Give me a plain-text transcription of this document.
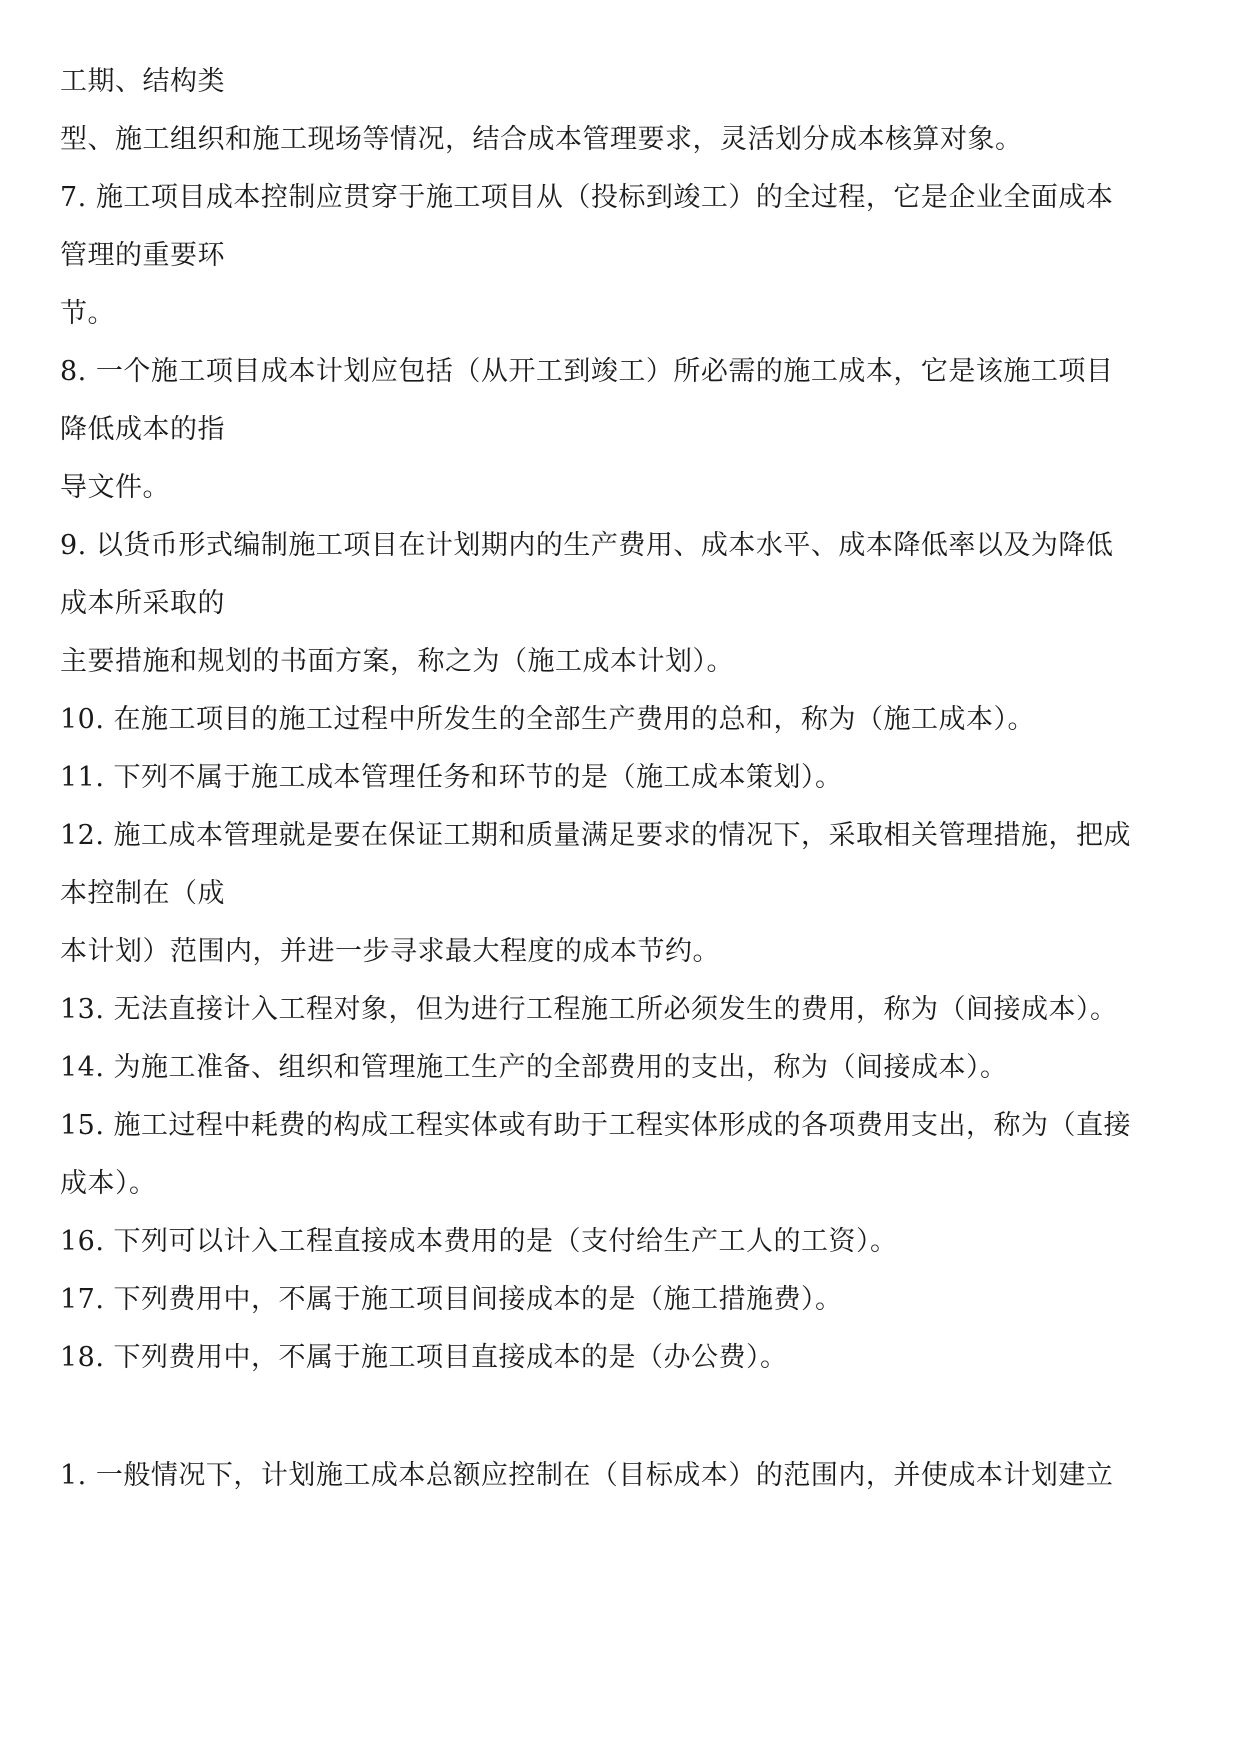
工期、结构类
型、施工组织和施工现场等情况，结合成本管理要求，灵活划分成本核算对象。
7. 施工项目成本控制应贯穿于施工项目从（投标到竣工）的全过程，它是企业全面成本
管理的重要环
节。
8. 一个施工项目成本计划应包括（从开工到竣工）所必需的施工成本，它是该施工项目
降低成本的指
导文件。
9. 以货币形式编制施工项目在计划期内的生产费用、成本水平、成本降低率以及为降低
成本所采取的
主要措施和规划的书面方案，称之为（施工成本计划）。
10. 在施工项目的施工过程中所发生的全部生产费用的总和，称为（施工成本）。
11. 下列不属于施工成本管理任务和环节的是（施工成本策划）。
12. 施工成本管理就是要在保证工期和质量满足要求的情况下，采取相关管理措施，把成
本控制在（成
本计划）范围内，并进一步寻求最大程度的成本节约。
13. 无法直接计入工程对象，但为进行工程施工所必须发生的费用，称为（间接成本）。
14. 为施工准备、组织和管理施工生产的全部费用的支出，称为（间接成本）。
15. 施工过程中耗费的构成工程实体或有助于工程实体形成的各项费用支出，称为（直接
成本）。
16. 下列可以计入工程直接成本费用的是（支付给生产工人的工资）。
17. 下列费用中，不属于施工项目间接成本的是（施工措施费）。
18. 下列费用中，不属于施工项目直接成本的是（办公费）。
1. 一般情况下，计划施工成本总额应控制在（目标成本）的范围内，并使成本计划建立
